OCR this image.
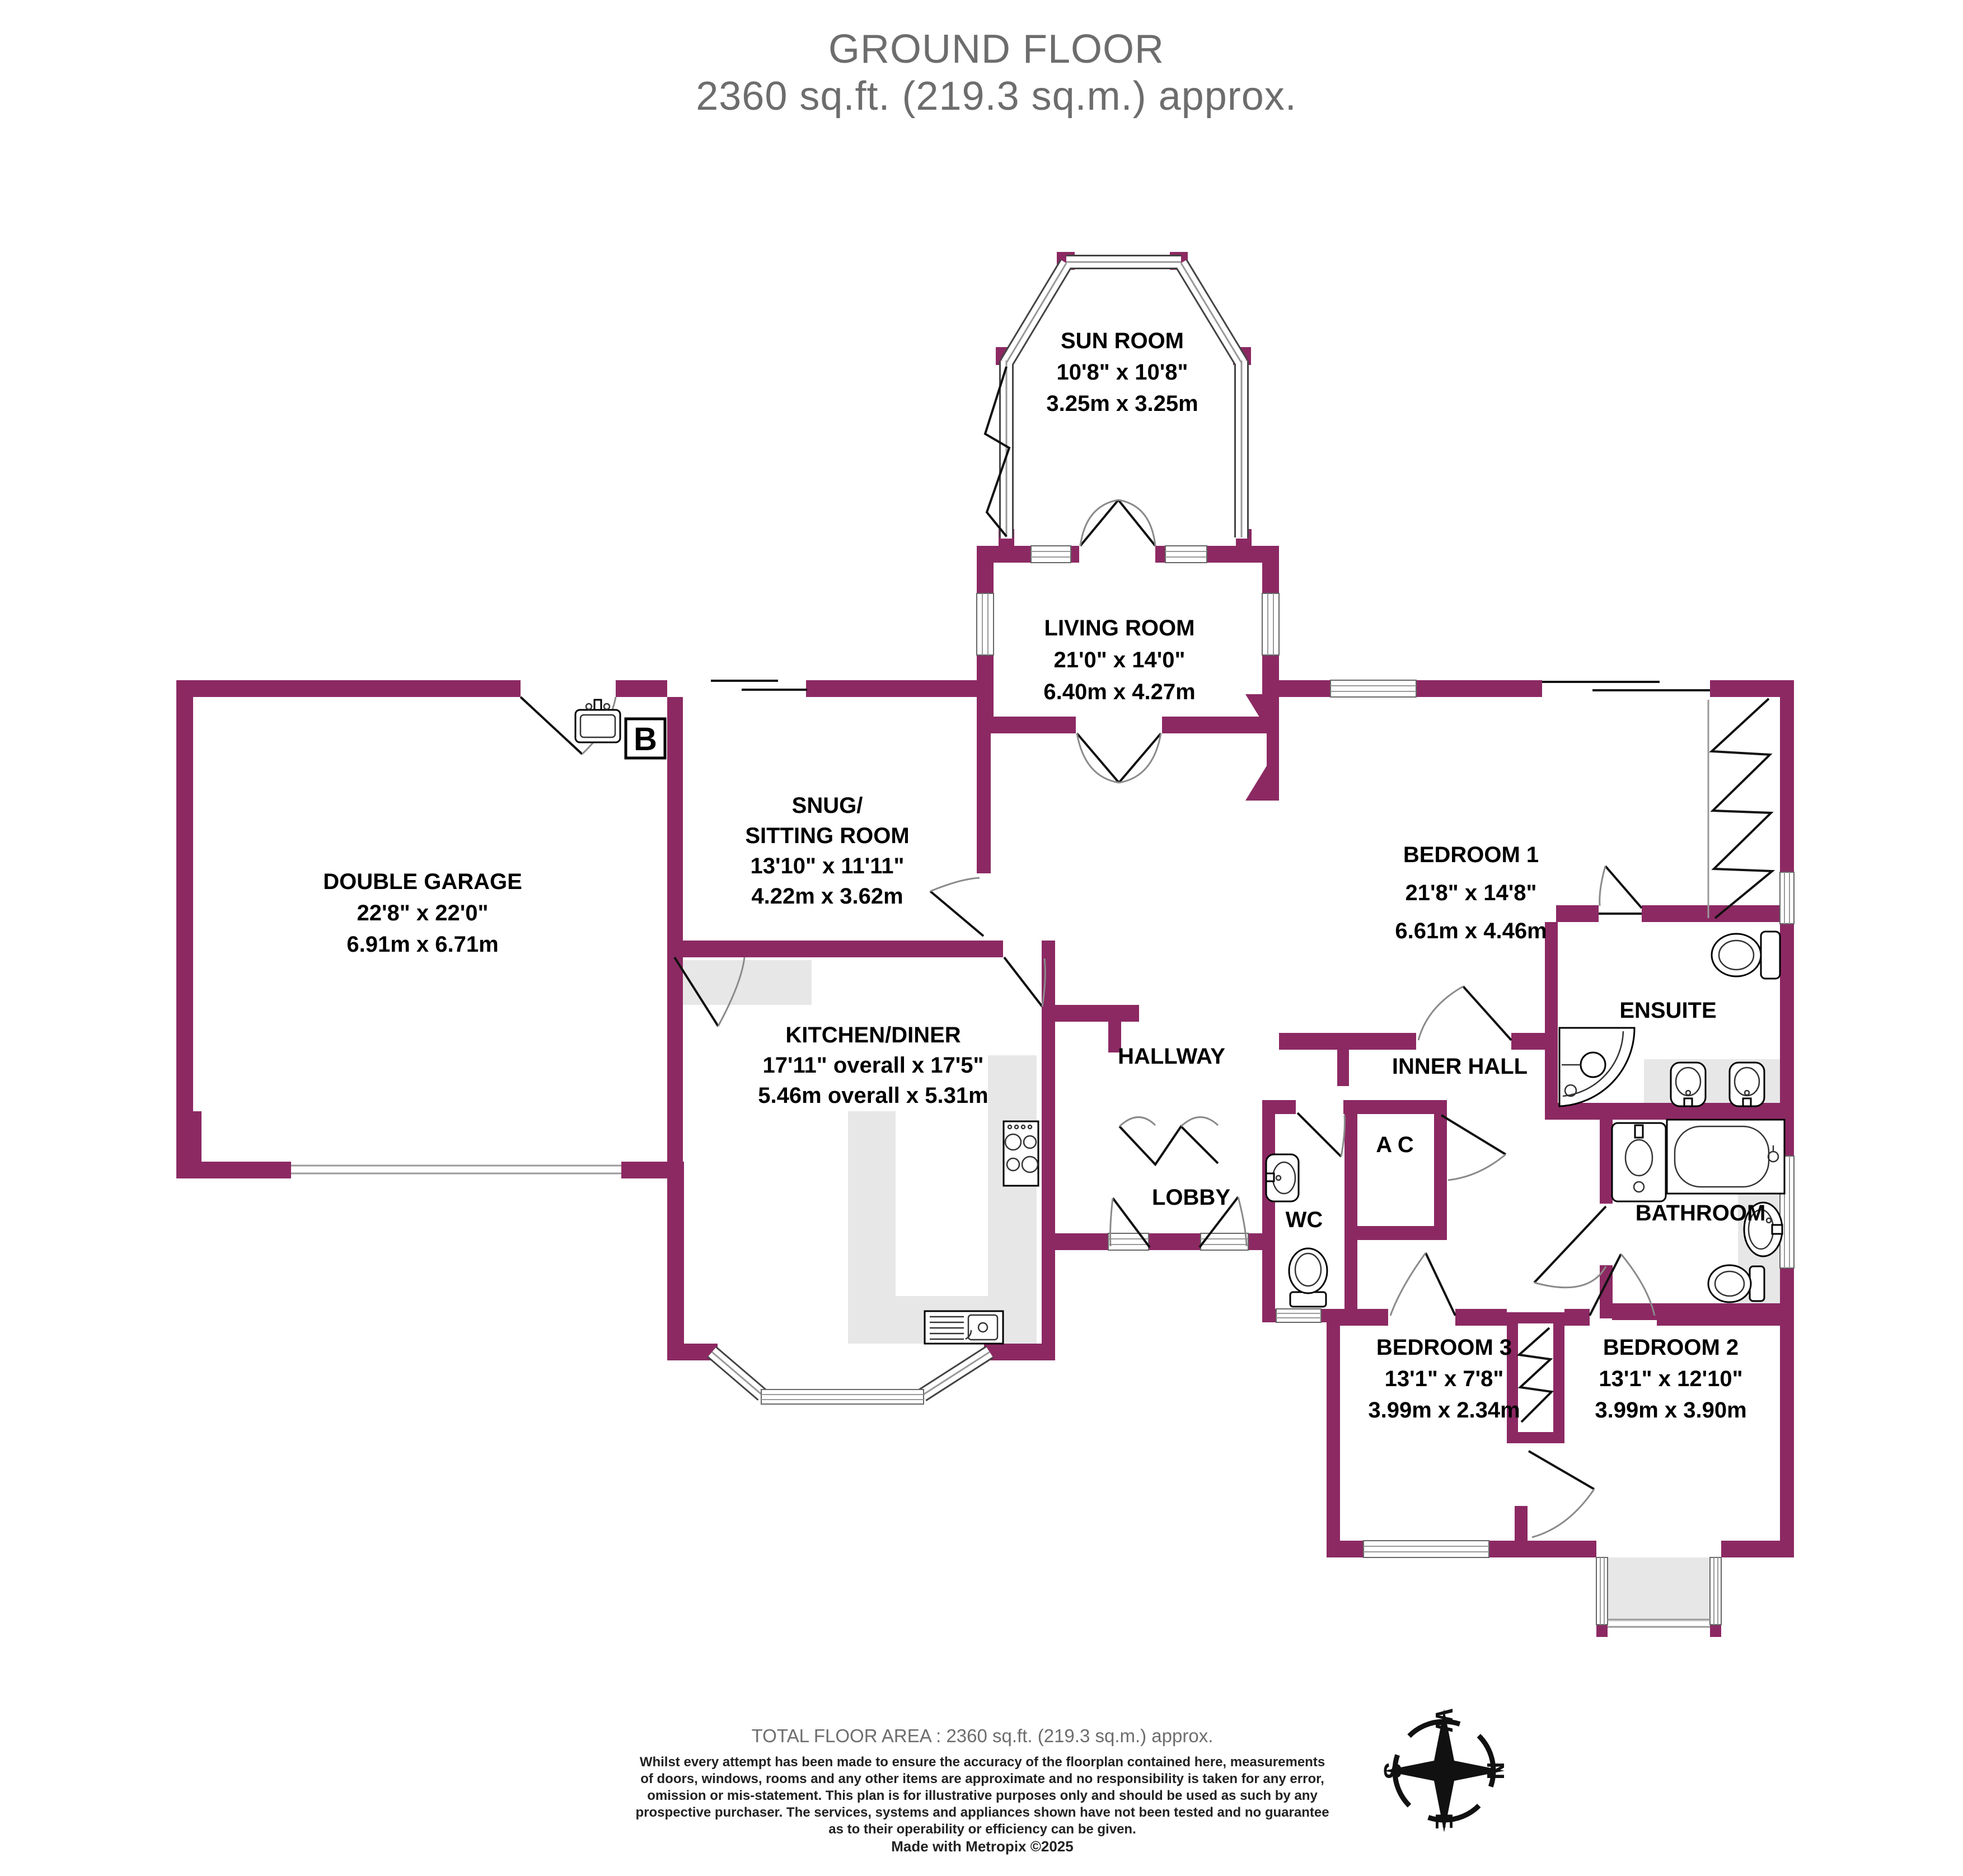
B
SUN ROOM
10'8" x 10'8"
3.25m x 3.25m
LIVING ROOM
21'0" x 14'0"
6.40m x 4.27m
SNUG/
SITTING ROOM
13'10" x 11'11"
4.22m x 3.62m
DOUBLE GARAGE
22'8" x 22'0"
6.91m x 6.71m
KITCHEN/DINER
17'11" overall x 17'5"
5.46m overall x 5.31m
BEDROOM 1
21'8" x 14'8"
6.61m x 4.46m
BEDROOM 3
13'1" x 7'8"
3.99m x 2.34m
BEDROOM 2
13'1" x 12'10"
3.99m x 3.90m
HALLWAY	INNER HALL
LOBBY
WC
A C
ENSUITE
BATHROOM
GROUND FLOOR
2360 sq.ft. (219.3 sq.m.) approx.
TOTAL FLOOR AREA : 2360 sq.ft. (219.3 sq.m.) approx.
Whilst every attempt has been made to ensure the accuracy of the floorplan contained here, measurements
of doors, windows, rooms and any other items are approximate and no responsibility is taken for any error,
omission or mis-statement. This plan is for illustrative purposes only and should be used as such by any
prospective purchaser. The services, systems and appliances shown have not been tested and no guarantee
as to their operability or efficiency can be given.
Made with Metropix ©2025
W
N
E
S
